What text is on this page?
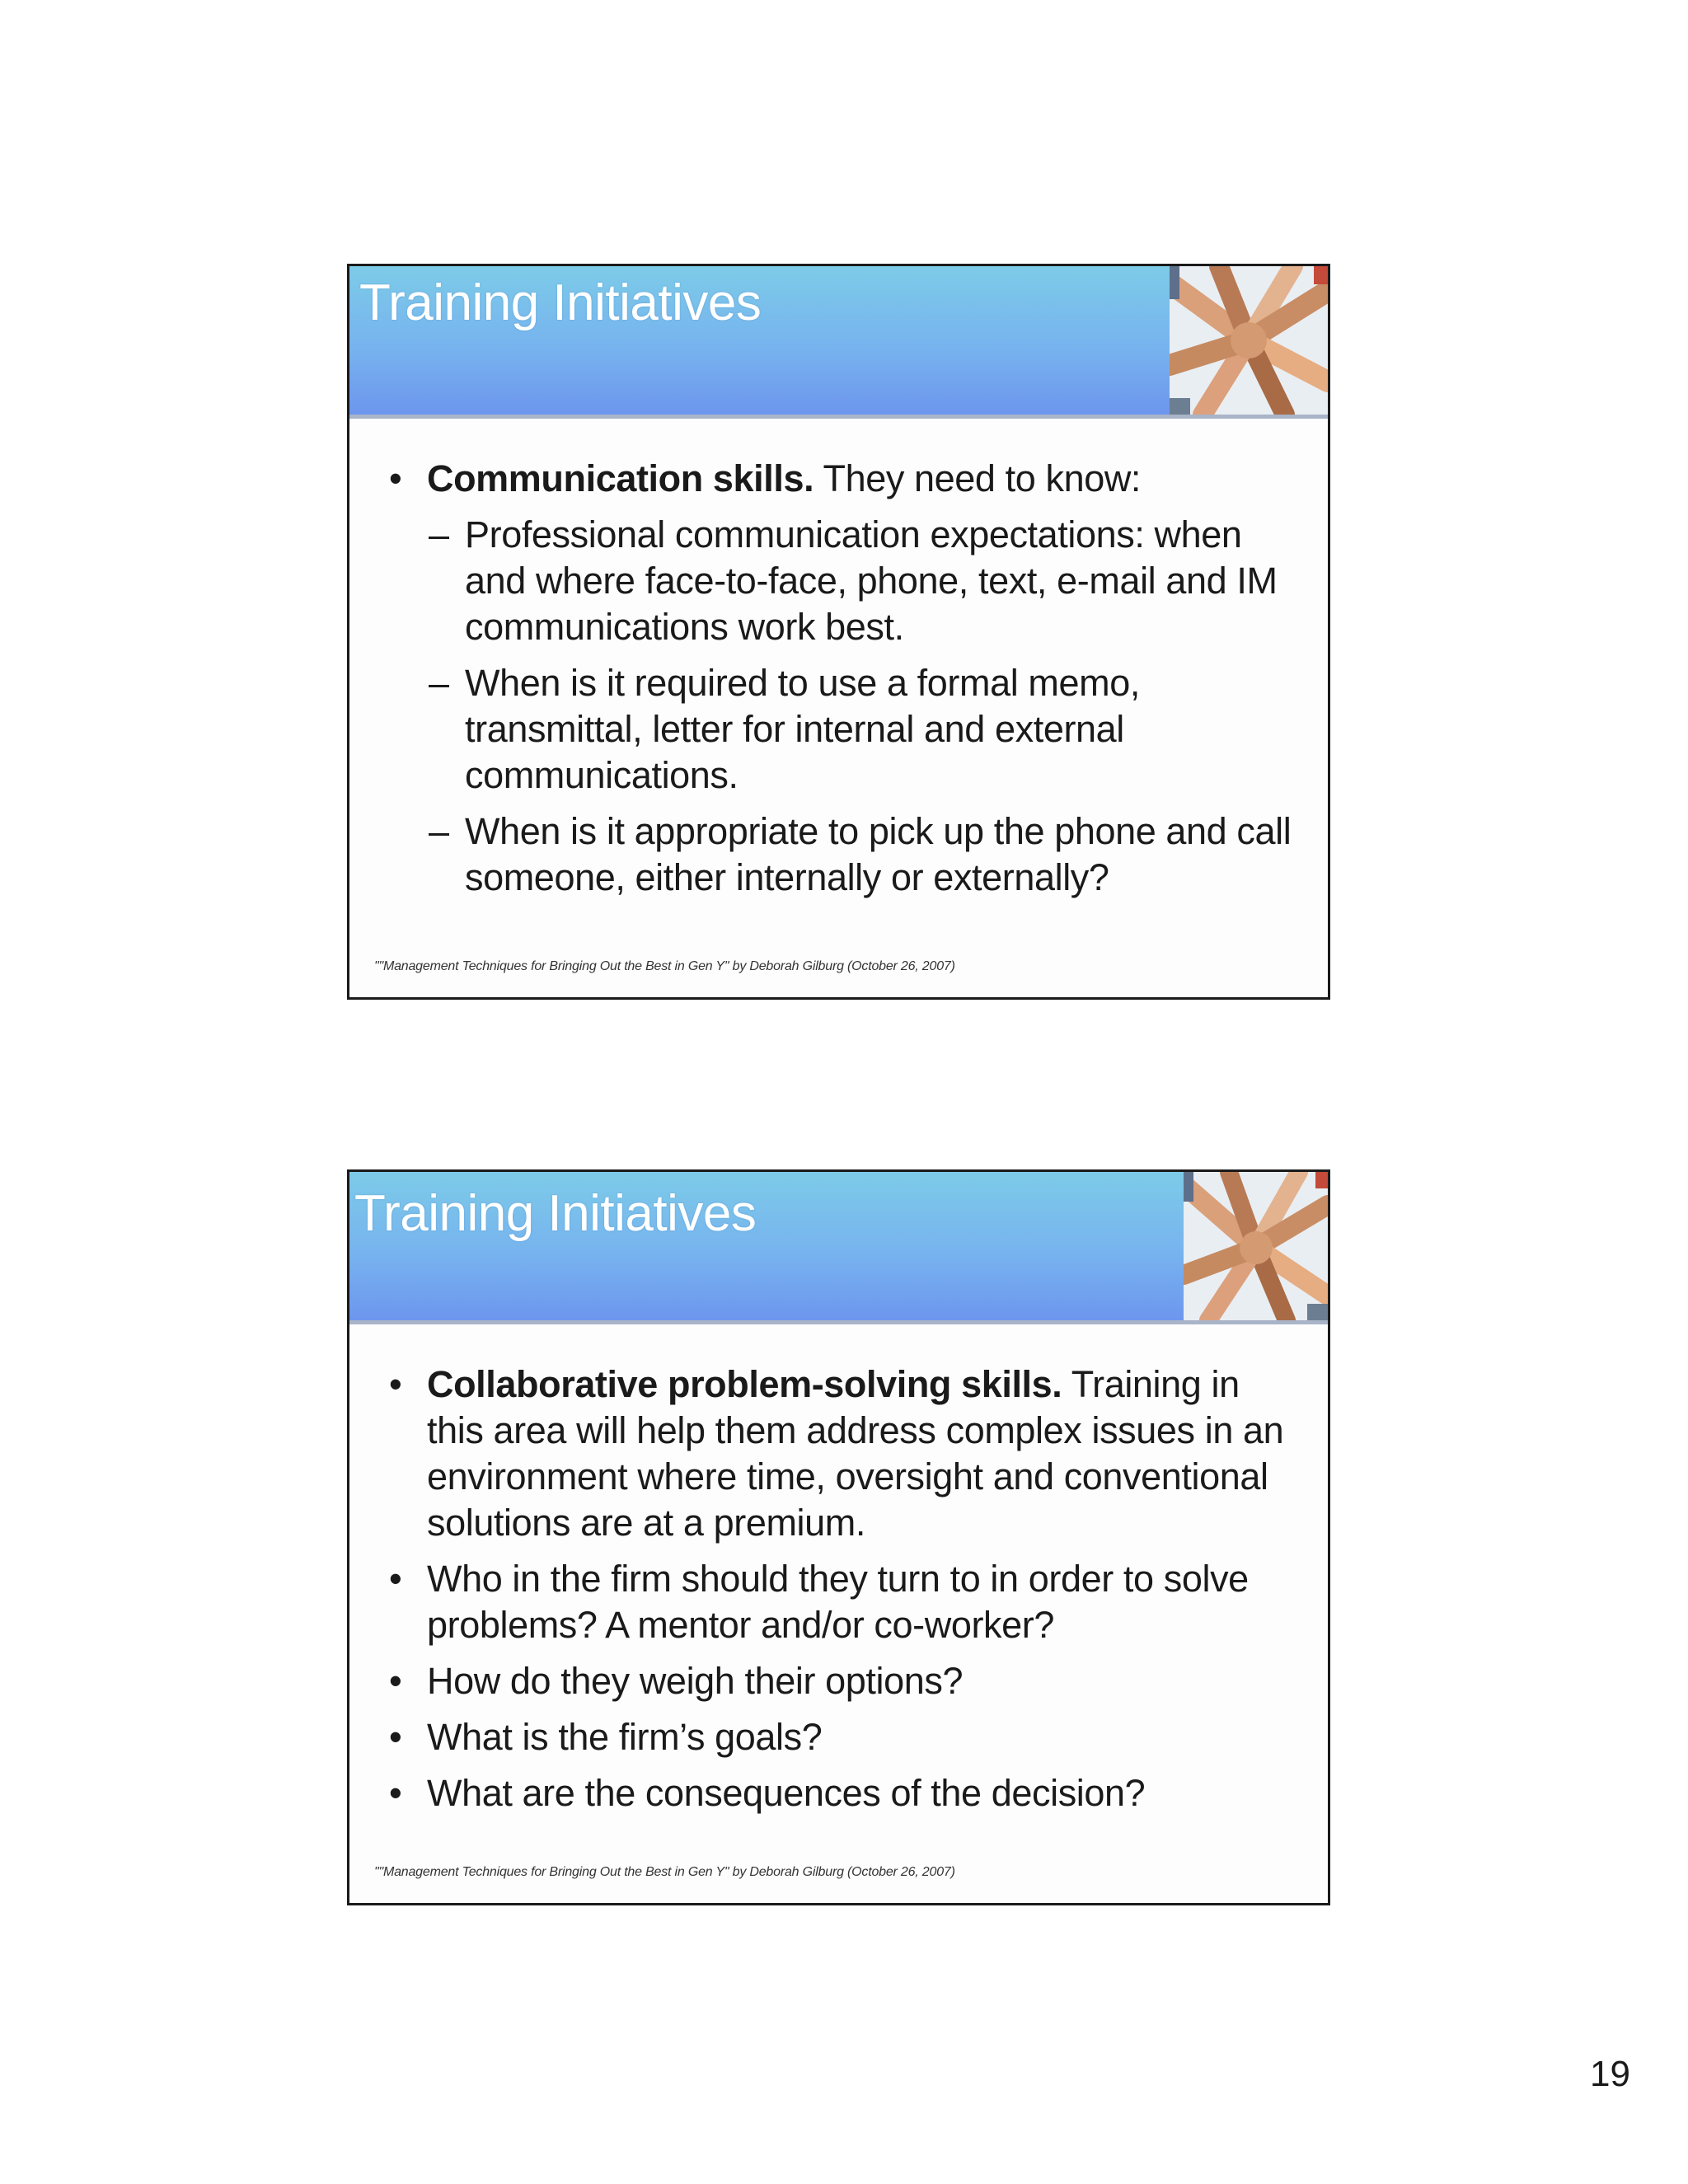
Training Initiatives
• Communication skills. They need to know:
– Professional communication expectations: when and where face-to-face, phone, text, e-mail and IM communications work best.
– When is it required to use a formal memo, transmittal, letter for internal and external communications.
– When is it appropriate to pick up the phone and call someone, either internally or externally?
""Management Techniques for Bringing Out the Best in Gen Y" by Deborah Gilburg (October 26, 2007)
Training Initiatives
• Collaborative problem-solving skills. Training in this area will help them address complex issues in an environment where time, oversight and conventional solutions are at a premium.
• Who in the firm should they turn to in order to solve problems? A mentor and/or co-worker?
• How do they weigh their options?
• What is the firm’s goals?
• What are the consequences of the decision?
""Management Techniques for Bringing Out the Best in Gen Y" by Deborah Gilburg (October 26, 2007)
19
